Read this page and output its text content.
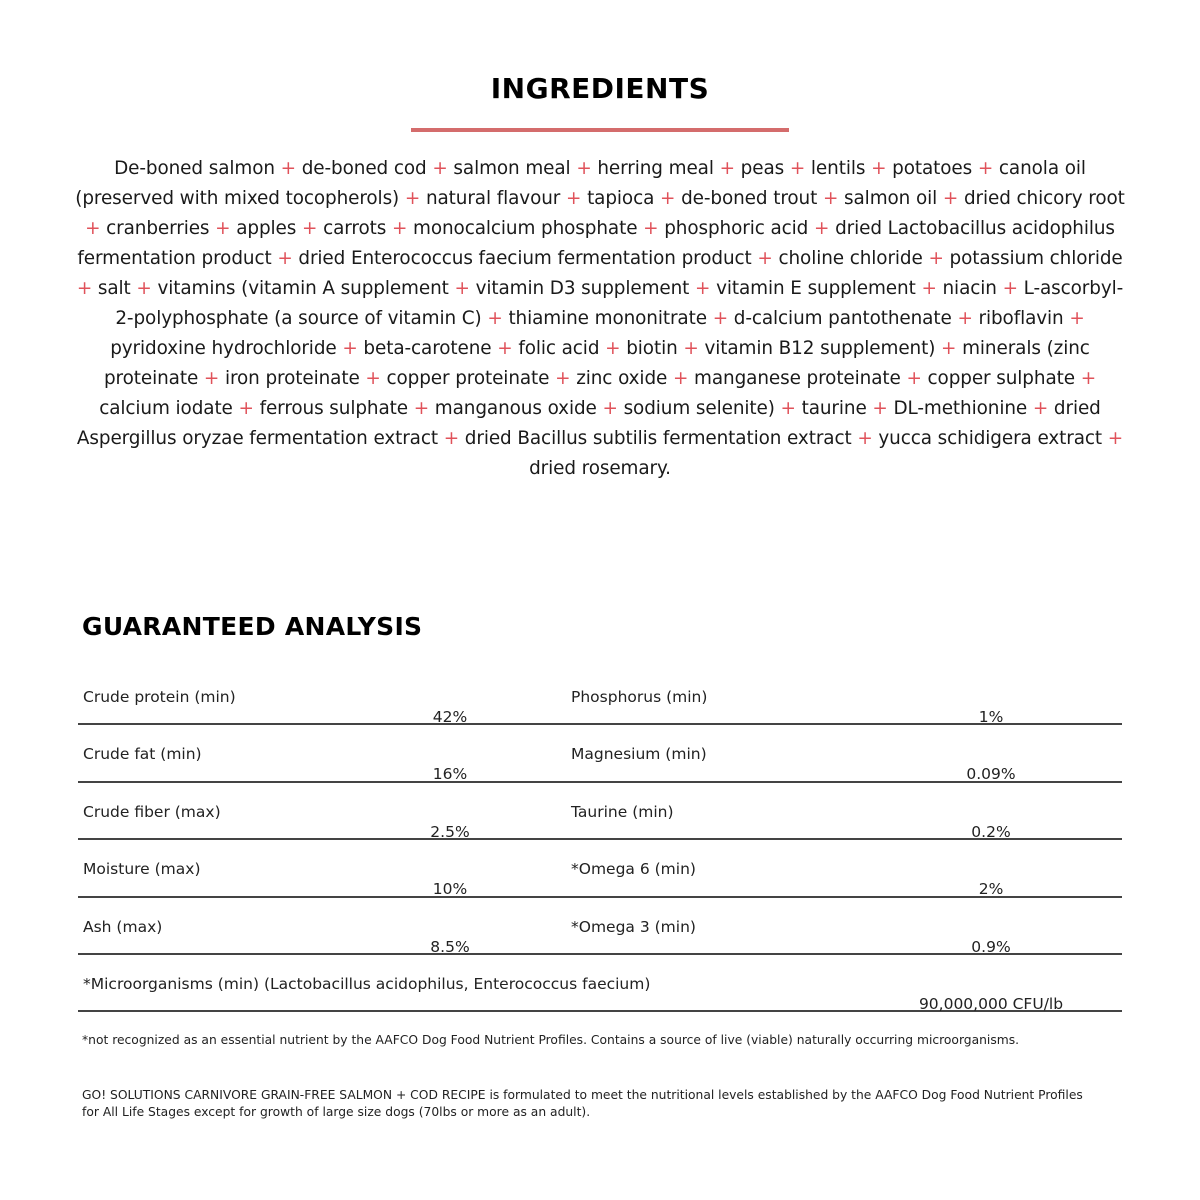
INGREDIENTS

De-boned salmon + de-boned cod + salmon meal + herring meal + peas + lentils + potatoes + canola oil (preserved with mixed tocopherols) + natural flavour + tapioca + de-boned trout + salmon oil + dried chicory root + cranberries + apples + carrots + monocalcium phosphate + phosphoric acid + dried Lactobacillus acidophilus fermentation product + dried Enterococcus faecium fermentation product + choline chloride + potassium chloride + salt + vitamins (vitamin A supplement + vitamin D3 supplement + vitamin E supplement + niacin + L-ascorbyl-2-polyphosphate (a source of vitamin C) + thiamine mononitrate + d-calcium pantothenate + riboflavin + pyridoxine hydrochloride + beta-carotene + folic acid + biotin + vitamin B12 supplement) + minerals (zinc proteinate + iron proteinate + copper proteinate + zinc oxide + manganese proteinate + copper sulphate + calcium iodate + ferrous sulphate + manganous oxide + sodium selenite) + taurine + DL-methionine + dried Aspergillus oryzae fermentation extract + dried Bacillus subtilis fermentation extract + yucca schidigera extract + dried rosemary.

GUARANTEED ANALYSIS
Crude protein (min)
42%
Phosphorus (min)
1%
Crude fat (min)
16%
Magnesium (min)
0.09%
Crude fiber (max)
2.5%
Taurine (min)
0.2%
Moisture (max)
10%
*Omega 6 (min)
2%
Ash (max)
8.5%
*Omega 3 (min)
0.9%
*Microorganisms (min) (Lactobacillus acidophilus, Enterococcus faecium)
90,000,000 CFU/lb

*not recognized as an essential nutrient by the AAFCO Dog Food Nutrient Profiles. Contains a source of live (viable) naturally occurring microorganisms.

GO! SOLUTIONS CARNIVORE GRAIN-FREE SALMON + COD RECIPE is formulated to meet the nutritional levels established by the AAFCO Dog Food Nutrient Profiles for All Life Stages except for growth of large size dogs (70lbs or more as an adult).
